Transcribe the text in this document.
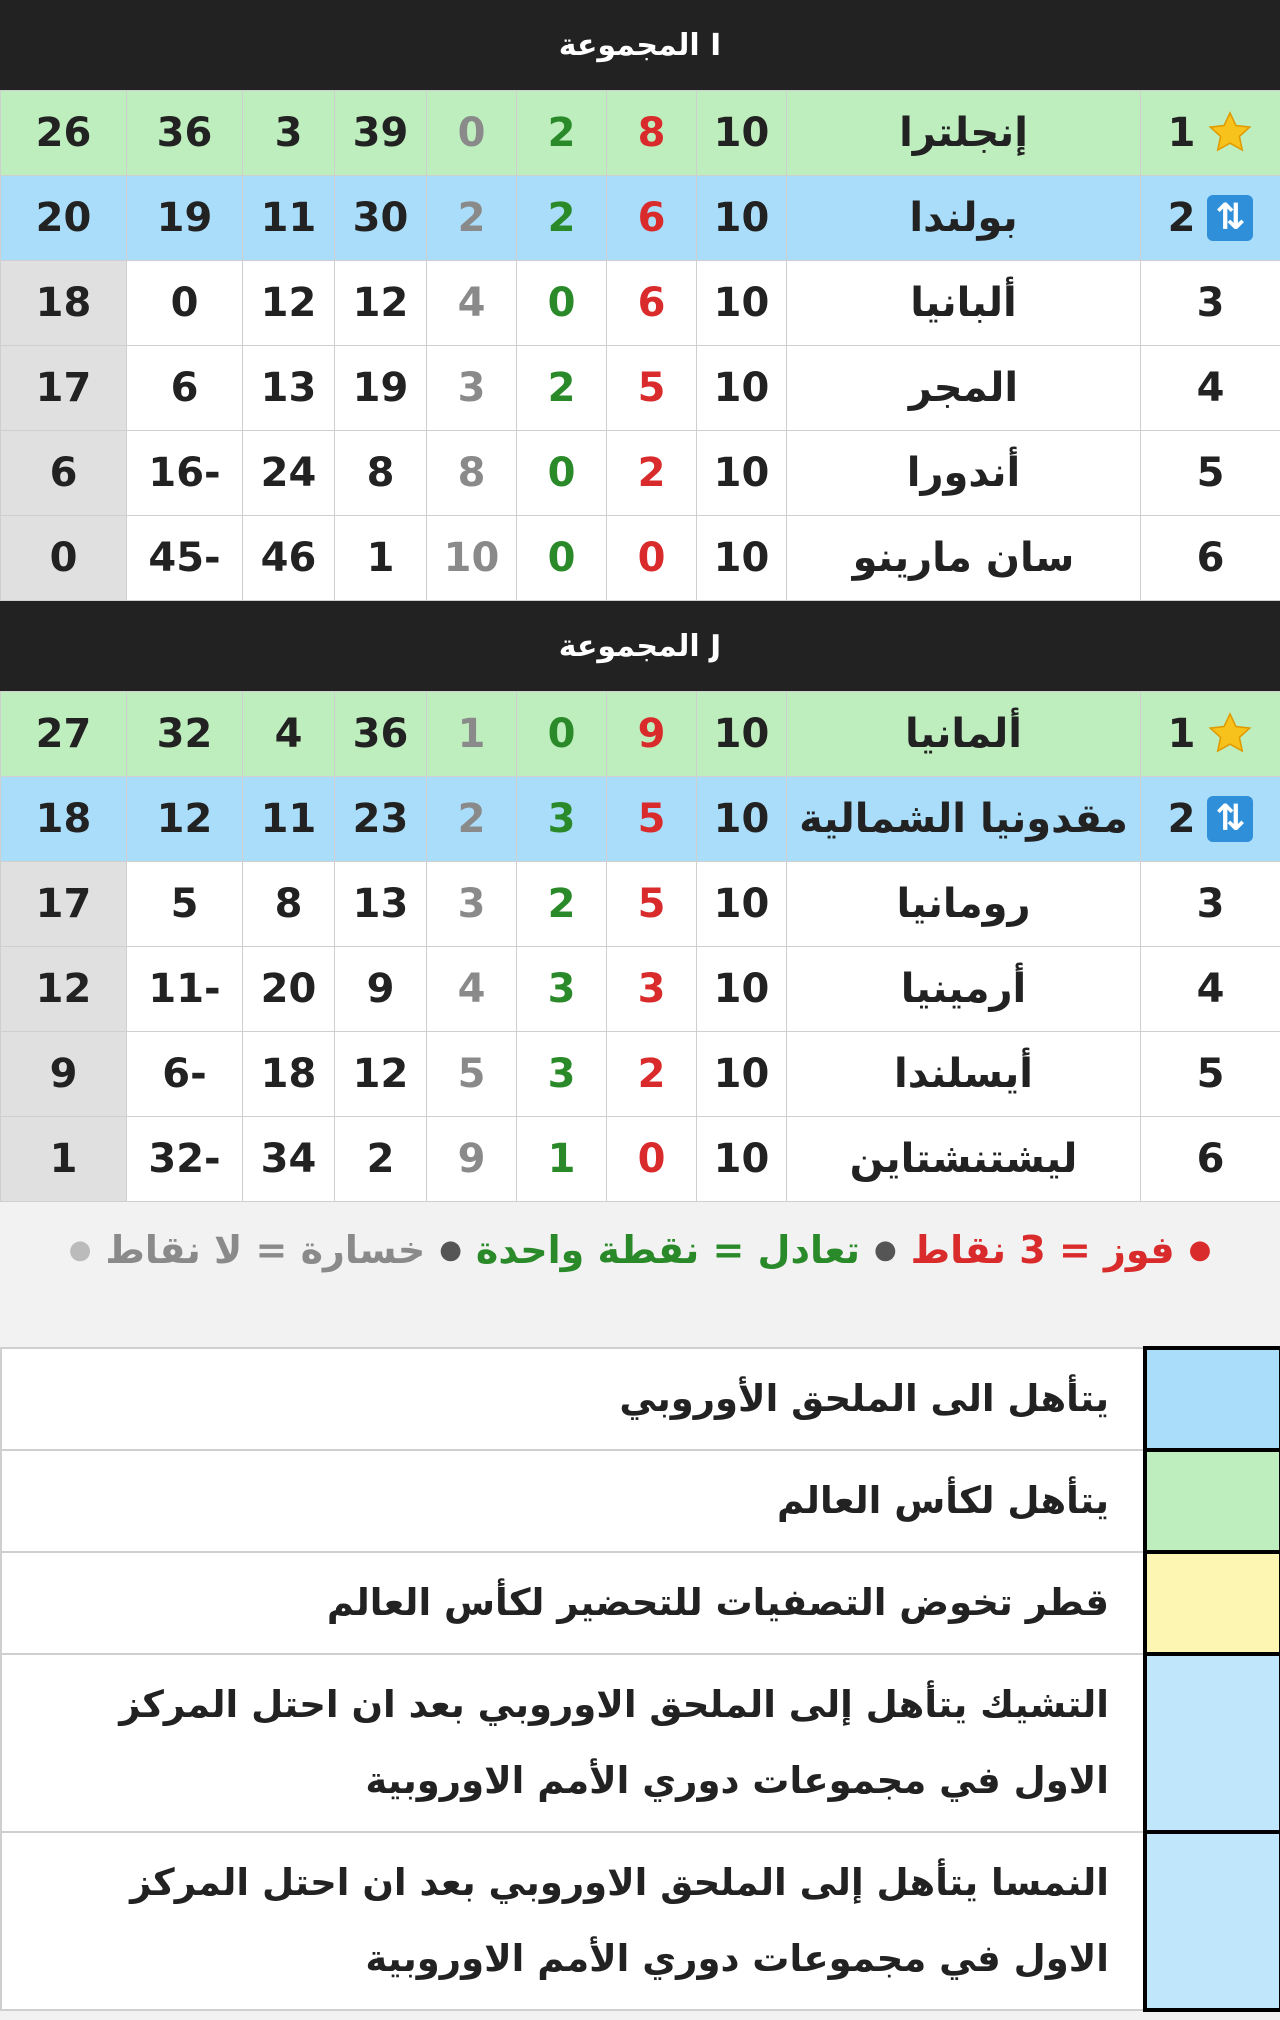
المجموعة I
26	36	3	39	0	2	8	10	إنجلترا	1

20	19	11	30	2	2	6	10	بولندا	2 ⇅

18	0	12	12	4	0	6	10	ألبانيا	3

17	6	13	19	3	2	5	10	المجر	4

6	16-	24	8	8	0	2	10	أندورا	5

0	45-	46	1	10	0	0	10	سان مارينو	6
المجموعة J
27	32	4	36	1	0	9	10	ألمانيا	1

18	12	11	23	2	3	5	10	مقدونيا الشمالية	2 ⇅

17	5	8	13	3	2	5	10	رومانيا	3

12	11-	20	9	4	3	3	10	أرمينيا	4

9	6-	18	12	5	3	2	10	أيسلندا	5

1	32-	34	2	9	1	0	10	ليشتنشتاين	6
●
فوز = 3 نقاط
●
تعادل = نقطة واحدة
●
خسارة = لا نقاط
●
يتأهل الى الملحق الأوروبي	
يتأهل لكأس العالم	
قطر تخوض التصفيات للتحضير لكأس العالم	
التشيك يتأهل إلى الملحق الاوروبي بعد ان احتل المركز الاول في مجموعات دوري الأمم الاوروبية	
النمسا يتأهل إلى الملحق الاوروبي بعد ان احتل المركز الاول في مجموعات دوري الأمم الاوروبية	
